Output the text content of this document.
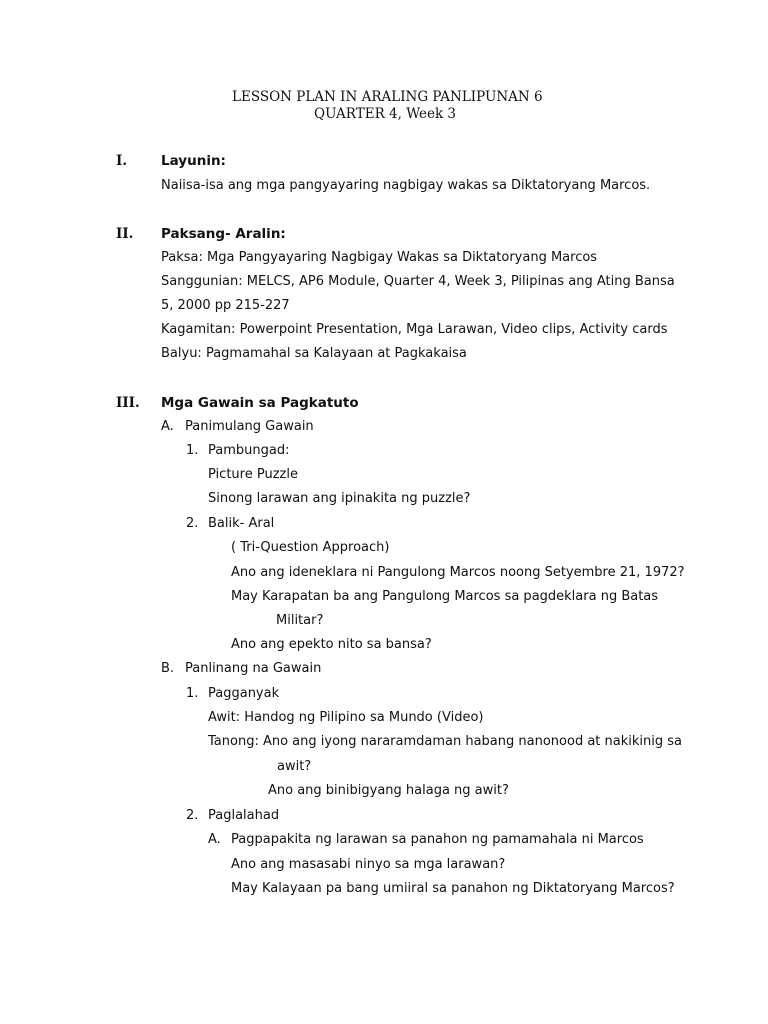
LESSON PLAN IN ARALING PANLIPUNAN 6
QUARTER 4, Week 3
I.	Layunin:
Naiisa-isa ang mga pangyayaring nagbigay wakas sa Diktatoryang Marcos.
II. Paksang- Aralin:
Paksa: Mga Pangyayaring Nagbigay Wakas sa Diktatoryang Marcos
Sanggunian: MELCS, AP6 Module, Quarter 4, Week 3, Pilipinas ang Ating Bansa
5, 2000 pp 215-227
Kagamitan: Powerpoint Presentation, Mga Larawan, Video clips, Activity cards
Balyu: Pagmamahal sa Kalayaan at Pagkakaisa
III. Mga Gawain sa Pagkatuto
A. Panimulang Gawain
1. Pambungad:
Picture Puzzle
Sinong larawan ang ipinakita ng puzzle?
2. Balik- Aral
( Tri-Question Approach)
Ano ang ideneklara ni Pangulong Marcos noong Setyembre 21, 1972?
May Karapatan ba ang Pangulong Marcos sa pagdeklara ng Batas
Militar?
Ano ang epekto nito sa bansa?
B. Panlinang na Gawain
1. Pagganyak
Awit: Handog ng Pilipino sa Mundo (Video)
Tanong: Ano ang iyong nararamdaman habang nanonood at nakikinig sa
awit?
Ano ang binibigyang halaga ng awit?
2. Paglalahad
A. Pagpapakita ng larawan sa panahon ng pamamahala ni Marcos
Ano ang masasabi ninyo sa mga larawan?
May Kalayaan pa bang umiiral sa panahon ng Diktatoryang Marcos?
